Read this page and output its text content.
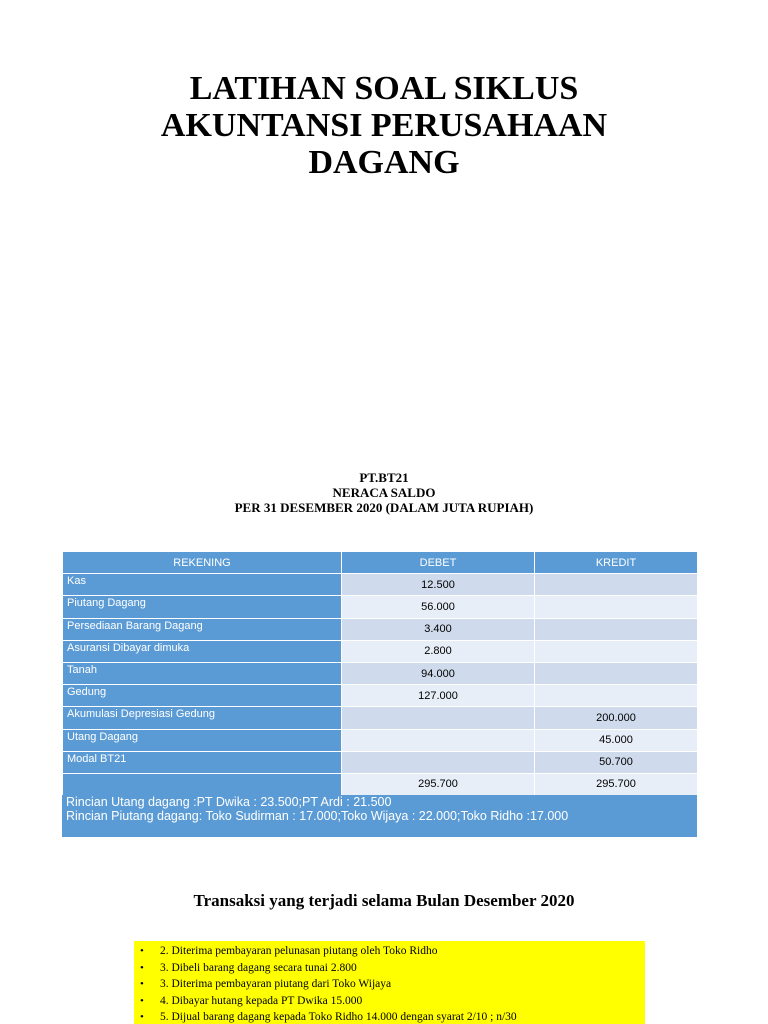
LATIHAN SOAL SIKLUS
AKUNTANSI PERUSAHAAN
DAGANG
PT.BT21
NERACA SALDO
PER 31 DESEMBER 2020 (DALAM JUTA RUPIAH)
REKENING	DEBET	KREDIT
Kas	12.500	
Piutang Dagang	56.000	
Persediaan Barang Dagang	3.400	
Asuransi Dibayar dimuka	2.800	
Tanah	94.000	
Gedung	127.000	
Akumulasi Depresiasi Gedung		200.000
Utang Dagang		45.000
Modal BT21		50.700
	295.700	295.700
Rincian Utang dagang :PT Dwika : 23.500;PT Ardi : 21.500
Rincian Piutang dagang: Toko Sudirman : 17.000;Toko Wijaya : 22.000;Toko Ridho :17.000
Transaksi yang terjadi selama Bulan Desember 2020
• 2. Diterima pembayaran pelunasan piutang oleh Toko Ridho
• 3. Dibeli barang dagang secara tunai 2.800
• 3. Diterima pembayaran piutang dari Toko Wijaya
• 4. Dibayar hutang kepada PT Dwika 15.000
• 5. Dijual barang dagang kepada Toko Ridho 14.000 dengan syarat 2/10 ; n/30
